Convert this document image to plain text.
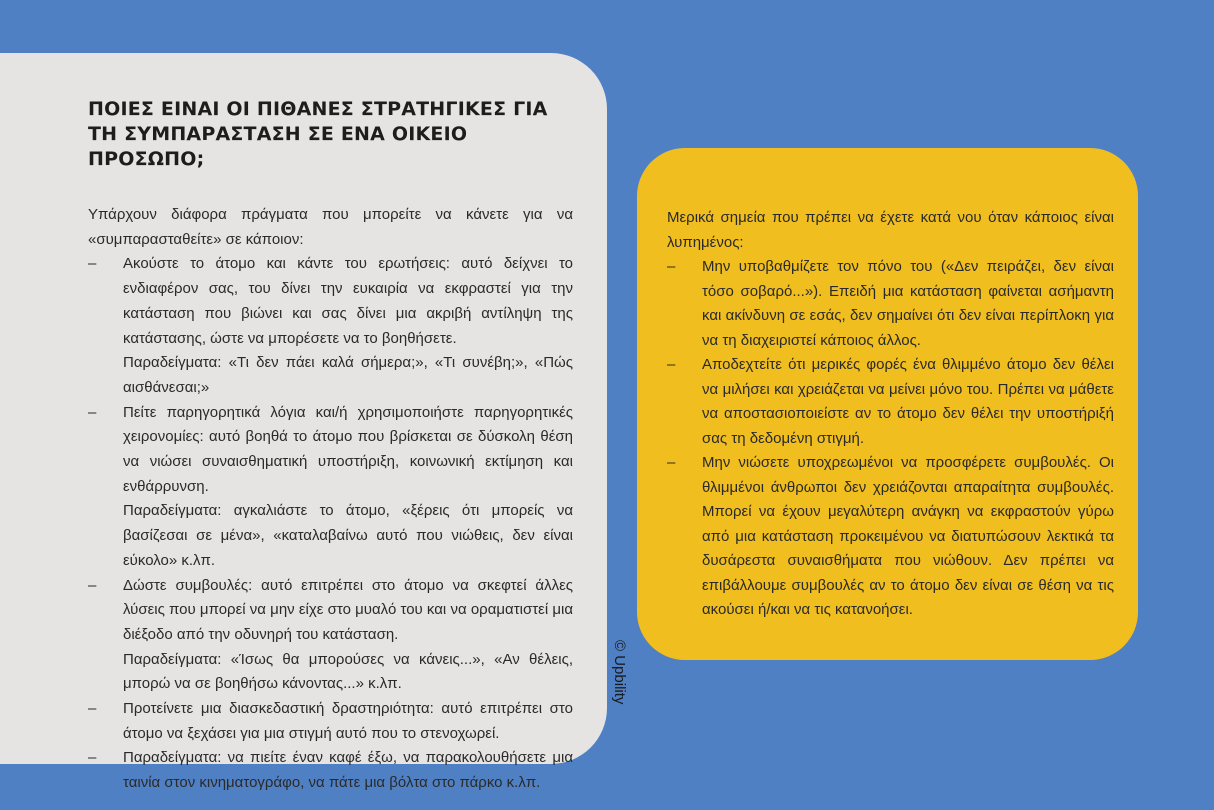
ΠΟΙΕΣ ΕΙΝΑΙ ΟΙ ΠΙΘΑΝΕΣ ΣΤΡΑΤΗΓΙΚΕΣ ΓΙΑ ΤΗ ΣΥΜΠΑΡΑΣΤΑΣΗ ΣΕ ΕΝΑ ΟΙΚΕΙΟ ΠΡΟΣΩΠΟ;

Υπάρχουν διάφορα πράγματα που μπορείτε να κάνετε για να «συμπαρασταθείτε» σε κάποιον:

–	Ακούστε το άτομο και κάντε του ερωτήσεις: αυτό δείχνει το ενδιαφέρον σας, του δίνει την ευκαιρία να εκφραστεί για την κατάσταση που βιώνει και σας δίνει μια ακριβή αντίληψη της κατάστασης, ώστε να μπορέσετε να το βοηθήσετε.
Παραδείγματα: «Τι δεν πάει καλά σήμερα;», «Τι συνέβη;», «Πώς αισθάνεσαι;»
–	Πείτε παρηγορητικά λόγια και/ή χρησιμοποιήστε παρηγορητικές χειρονομίες: αυτό βοηθά το άτομο που βρίσκεται σε δύσκολη θέση να νιώσει συναισθηματική υποστήριξη, κοινωνική εκτίμηση και ενθάρρυνση.
Παραδείγματα: αγκαλιάστε το άτομο, «ξέρεις ότι μπορείς να βασίζεσαι σε μένα», «καταλαβαίνω αυτό που νιώθεις, δεν είναι εύκολο» κ.λπ.
–	Δώστε συμβουλές: αυτό επιτρέπει στο άτομο να σκεφτεί άλλες λύσεις που μπορεί να μην είχε στο μυαλό του και να οραματιστεί μια διέξοδο από την οδυνηρή του κατάσταση.
Παραδείγματα: «Ίσως θα μπορούσες να κάνεις...», «Αν θέλεις, μπορώ να σε βοηθήσω κάνοντας...» κ.λπ.
–	Προτείνετε μια διασκεδαστική δραστηριότητα: αυτό επιτρέπει στο άτομο να ξεχάσει για μια στιγμή αυτό που το στενοχωρεί.
–	Παραδείγματα: να πιείτε έναν καφέ έξω, να παρακολουθήσετε μια ταινία στον κινηματογράφο, να πάτε μια βόλτα στο πάρκο κ.λπ.
© Upbility

Μερικά σημεία που πρέπει να έχετε κατά νου όταν κάποιος είναι λυπημένος:

–	Μην υποβαθμίζετε τον πόνο του («Δεν πειράζει, δεν είναι τόσο σοβαρό...»). Επειδή μια κατάσταση φαίνεται ασήμαντη και ακίνδυνη σε εσάς, δεν σημαίνει ότι δεν είναι περίπλοκη για να τη διαχειριστεί κάποιος άλλος.
–	Αποδεχτείτε ότι μερικές φορές ένα θλιμμένο άτομο δεν θέλει να μιλήσει και χρειάζεται να μείνει μόνο του. Πρέπει να μάθετε να αποστασιοποιείστε αν το άτομο δεν θέλει την υποστήριξή σας τη δεδομένη στιγμή.
–	Μην νιώσετε υποχρεωμένοι να προσφέρετε συμβουλές. Οι θλιμμένοι άνθρωποι δεν χρειάζονται απαραίτητα συμβουλές. Μπορεί να έχουν μεγαλύτερη ανάγκη να εκφραστούν γύρω από μια κατάσταση προκειμένου να διατυπώσουν λεκτικά τα δυσάρεστα συναισθήματα που νιώθουν. Δεν πρέπει να επιβάλλουμε συμβουλές αν το άτομο δεν είναι σε θέση να τις ακούσει ή/και να τις κατανοήσει.
